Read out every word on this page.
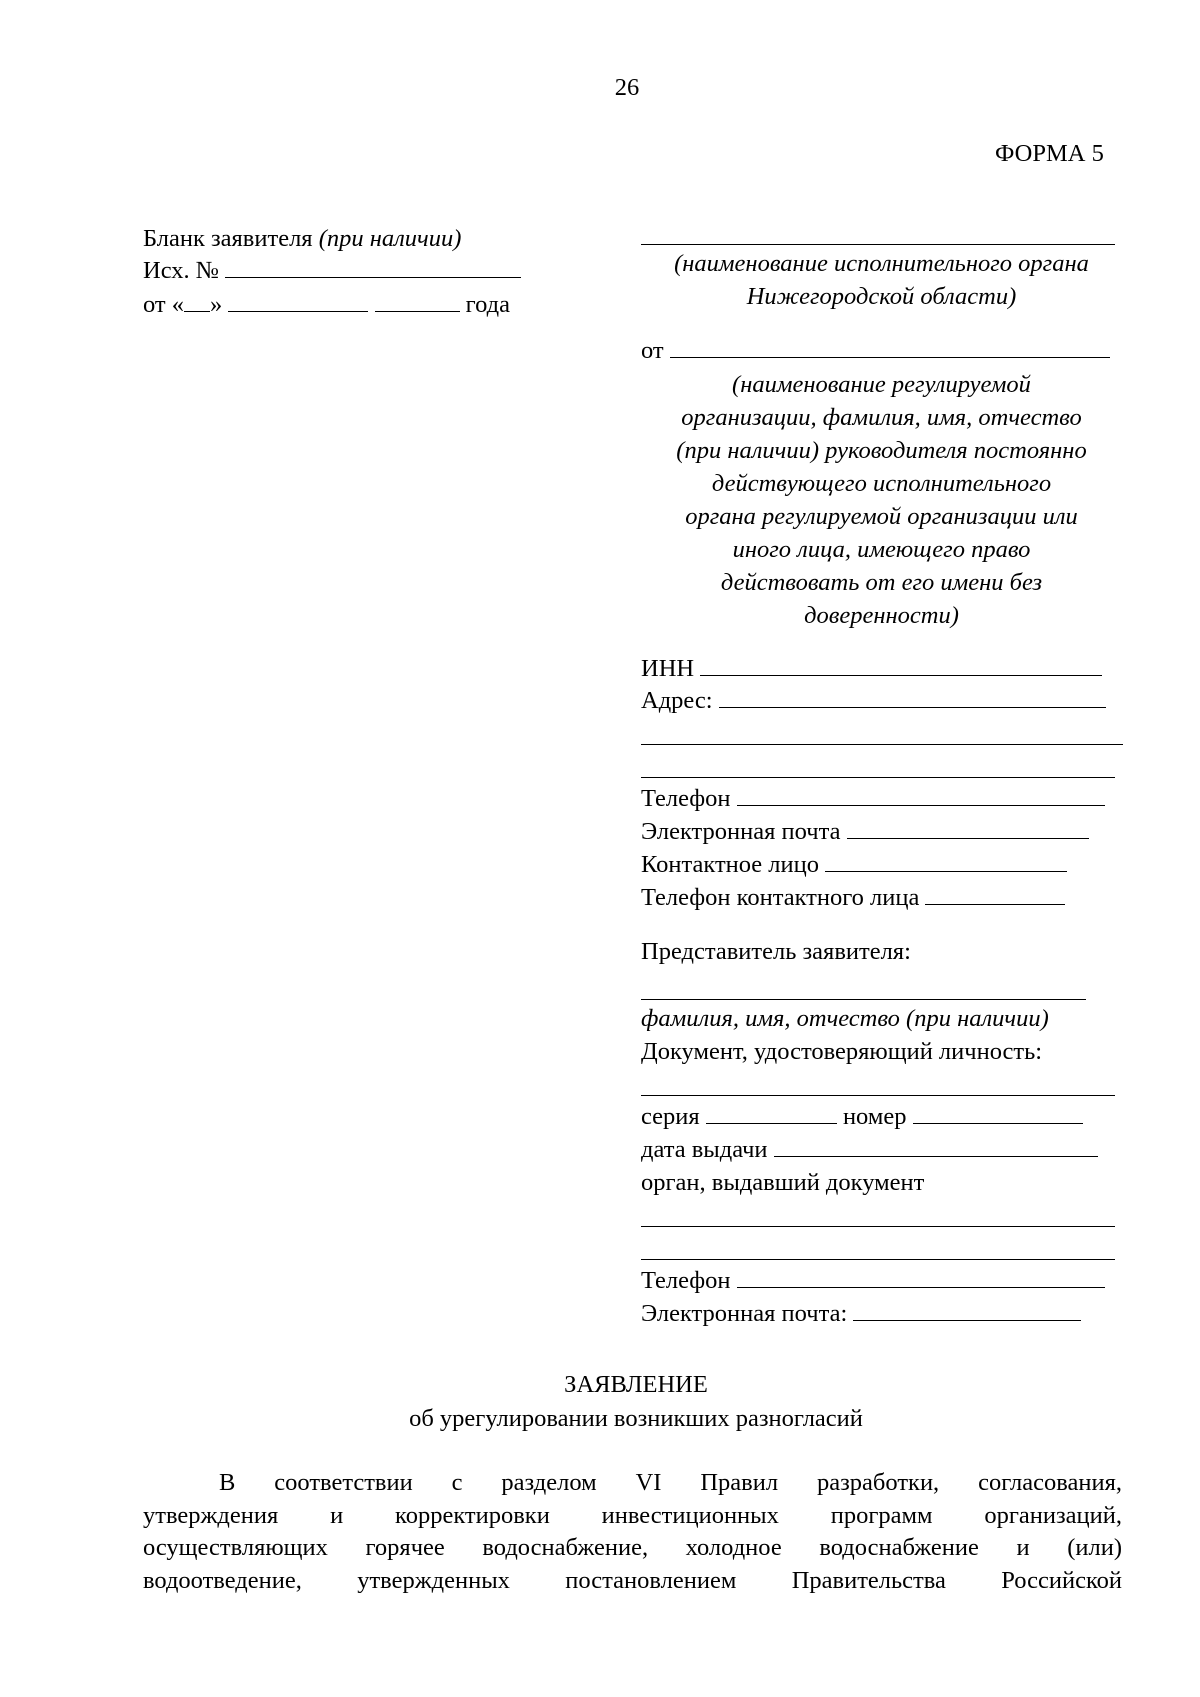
26
ФОРМА 5
Бланк заявителя (при наличии)
Исх. №
от « »	года
(наименование исполнительного органа
Нижегородской области)
от
(наименование регулируемой
организации, фамилия, имя, отчество
(при наличии) руководителя постоянно
действующего исполнительного
органа регулируемой организации или
иного лица, имеющего право
действовать от его имени без
доверенности)
ИНН
Адрес:
Телефон
Электронная почта
Контактное лицо
Телефон контактного лица
Представитель заявителя:
фамилия, имя, отчество (при наличии)
Документ, удостоверяющий личность:
серия	номер
дата выдачи
орган, выдавший документ
Телефон
Электронная почта:
ЗАЯВЛЕНИЕ
об урегулировании возникших разногласий
В соответствии с разделом VI Правил разработки, согласования,
утверждения и корректировки инвестиционных программ организаций,
осуществляющих горячее водоснабжение, холодное водоснабжение и (или)
водоотведение, утвержденных постановлением Правительства Российской
